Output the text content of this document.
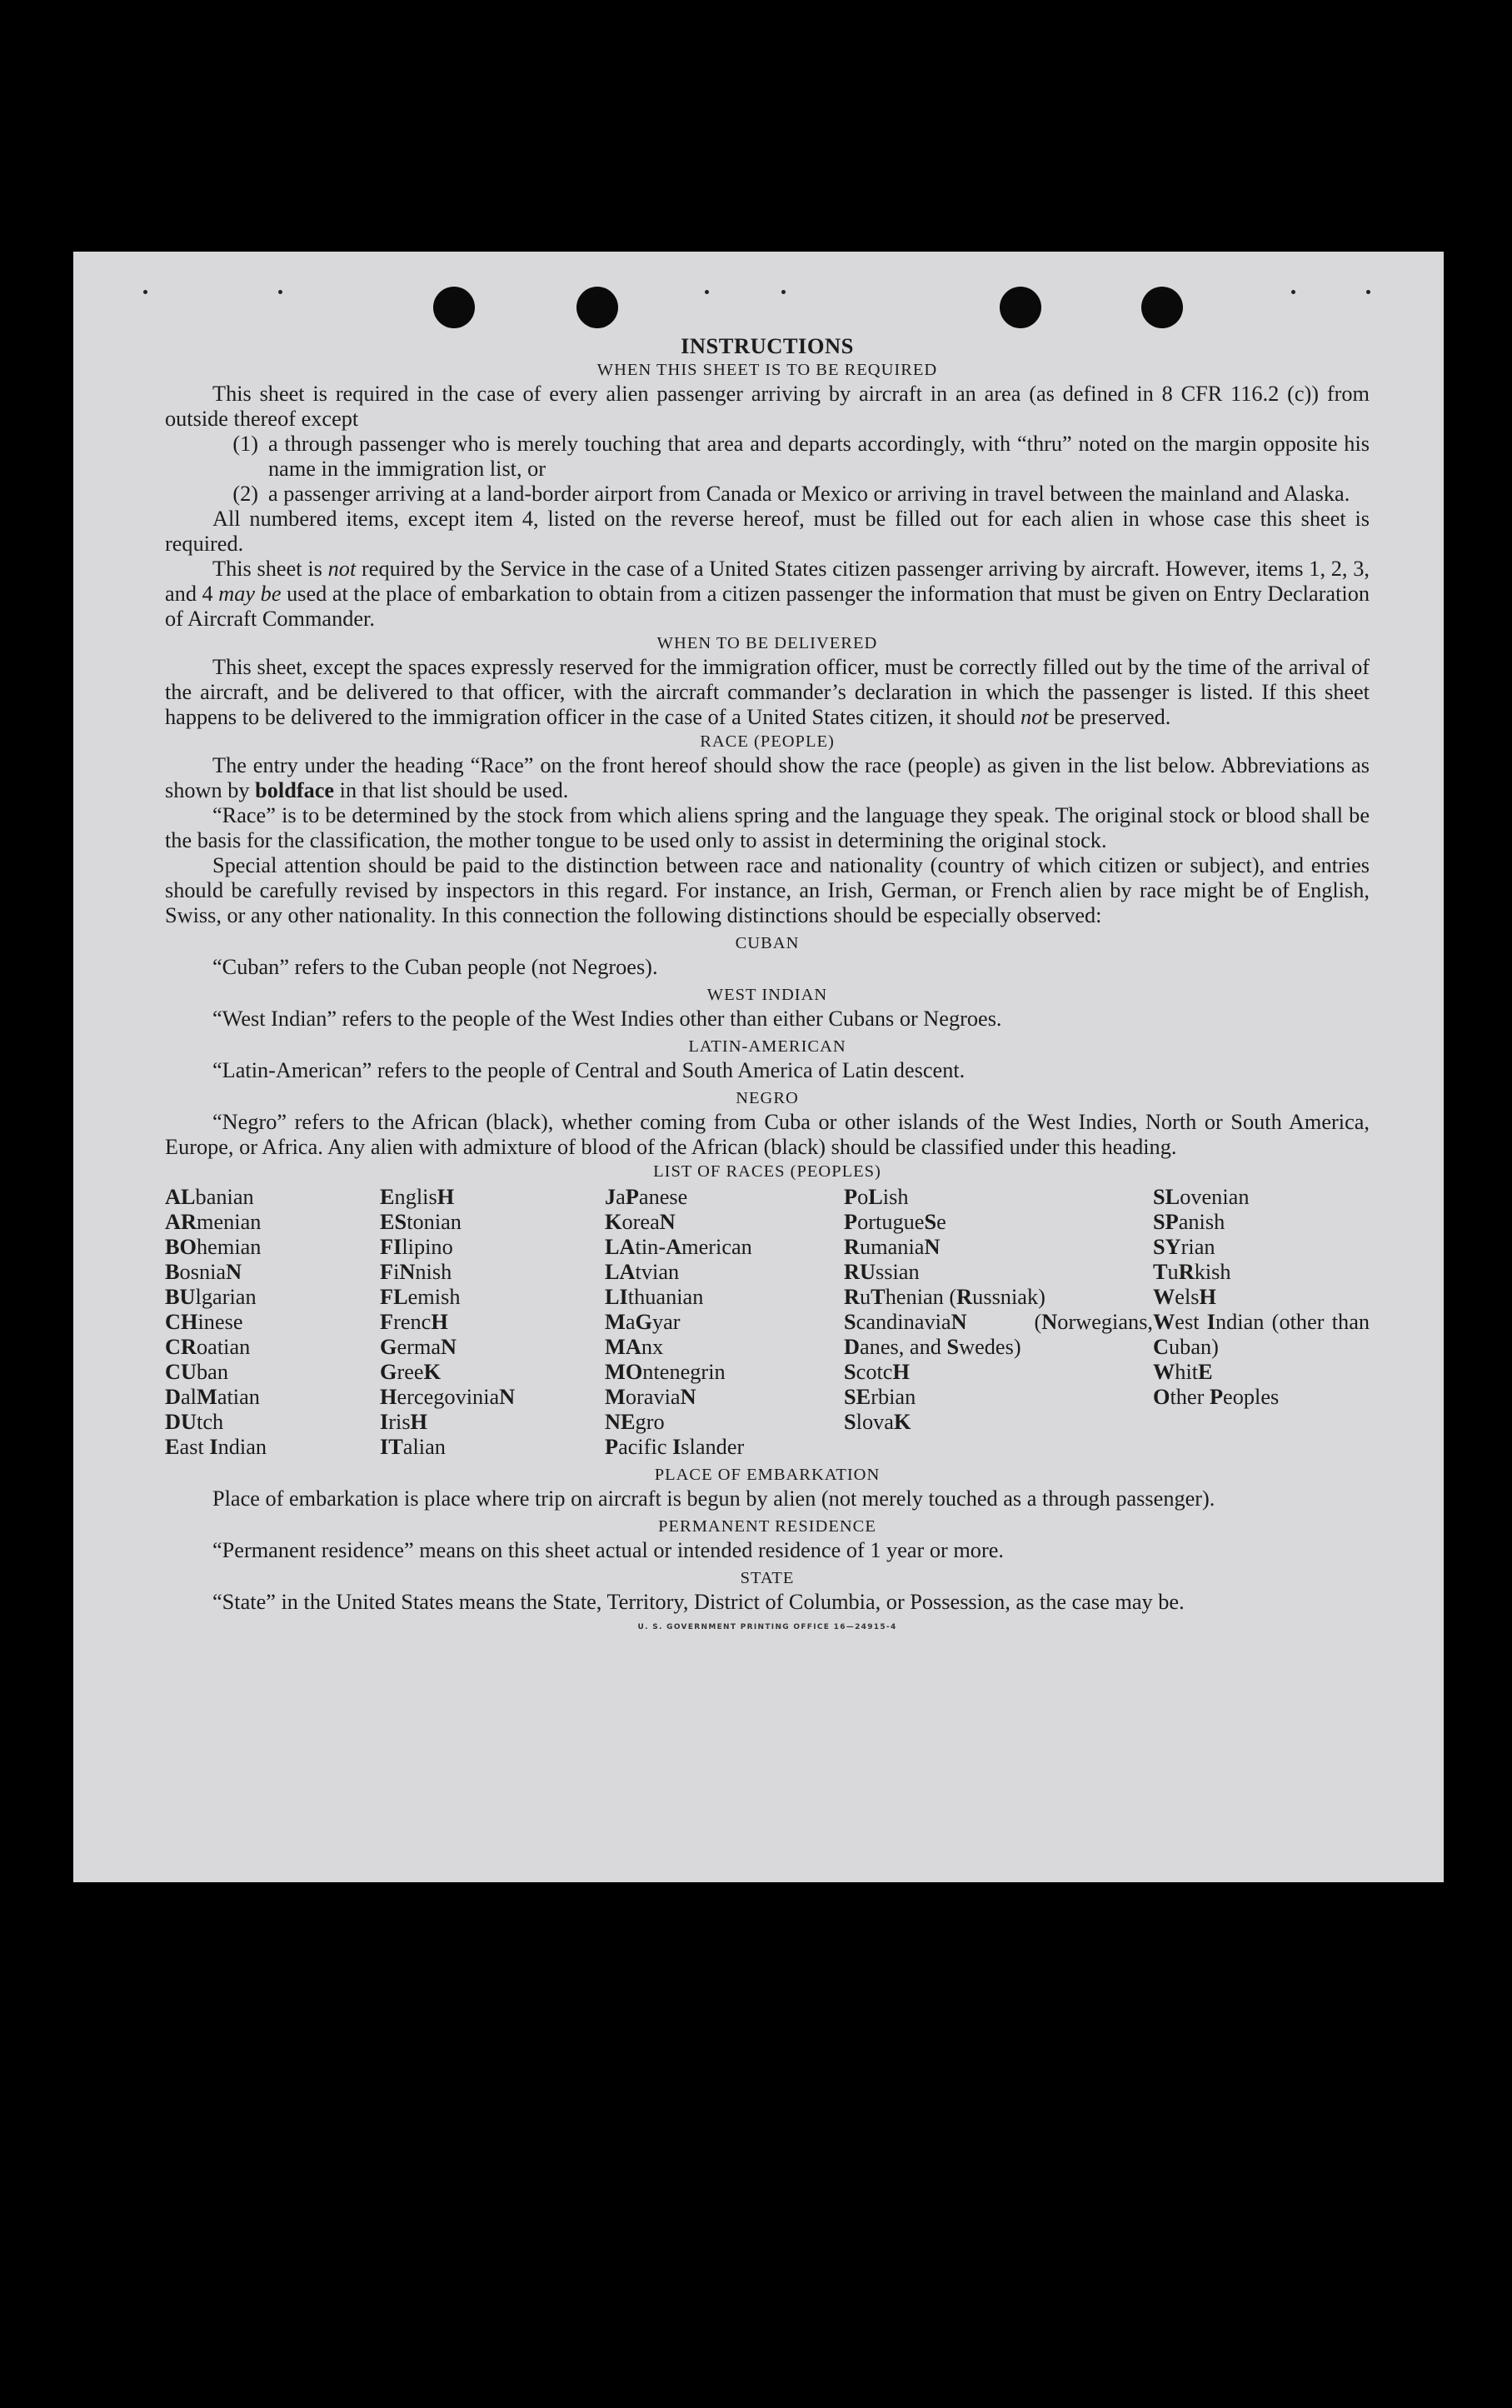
INSTRUCTIONS

WHEN THIS SHEET IS TO BE REQUIRED

This sheet is required in the case of every alien passenger arriving by aircraft in an area (as defined in 8 CFR 116.2 (c)) from outside thereof except

(1) a through passenger who is merely touching that area and departs accordingly, with “thru” noted on the margin opposite his name in the immigration list, or
(2) a passenger arriving at a land-border airport from Canada or Mexico or arriving in travel between the mainland and Alaska.

All numbered items, except item 4, listed on the reverse hereof, must be filled out for each alien in whose case this sheet is required.

This sheet is not required by the Service in the case of a United States citizen passenger arriving by aircraft. However, items 1, 2, 3, and 4 may be used at the place of embarkation to obtain from a citizen passenger the information that must be given on Entry Declaration of Aircraft Commander.

WHEN TO BE DELIVERED

This sheet, except the spaces expressly reserved for the immigration officer, must be correctly filled out by the time of the arrival of the aircraft, and be delivered to that officer, with the aircraft commander’s declaration in which the passenger is listed. If this sheet happens to be delivered to the immigration officer in the case of a United States citizen, it should not be preserved.

RACE (PEOPLE)

The entry under the heading “Race” on the front hereof should show the race (people) as given in the list below. Abbreviations as shown by boldface in that list should be used.

“Race” is to be determined by the stock from which aliens spring and the language they speak. The original stock or blood shall be the basis for the classification, the mother tongue to be used only to assist in determining the original stock.

Special attention should be paid to the distinction between race and nationality (country of which citizen or subject), and entries should be carefully revised by inspectors in this regard. For instance, an Irish, German, or French alien by race might be of English, Swiss, or any other nationality. In this connection the following distinctions should be especially observed:

CUBAN

“Cuban” refers to the Cuban people (not Negroes).

WEST INDIAN

“West Indian” refers to the people of the West Indies other than either Cubans or Negroes.

LATIN-AMERICAN

“Latin-American” refers to the people of Central and South America of Latin descent.

NEGRO

“Negro” refers to the African (black), whether coming from Cuba or other islands of the West Indies, North or South America, Europe, or Africa. Any alien with admixture of blood of the African (black) should be classified under this heading.

LIST OF RACES (PEOPLES)

ALbanian
ARmenian
BOhemian
BosniaN
BUlgarian
CHinese
CRoatian
CUban
DalMatian
DUtch
East Indian
EnglisH
EStonian
FIlipino
FiNnish
FLemish
FrencH
GermaN
GreeK
HercegoviniaN
IrisH
ITalian
JaPanese
KoreaN
LAtin-American
LAtvian
LIthuanian
MaGyar
MAnx
MOntenegrin
MoraviaN
NEgro
Pacific Islander
PoLish
PortugueSe
RumaniaN
RUssian
RuThenian (Russniak)
ScandinaviaN	(Norwegians, Danes, and Swedes)
ScotcH
SErbian
SlovaK
SLovenian
SPanish
SYrian
TuRkish
WelsH
West Indian (other than Cuban)
WhitE
Other Peoples

PLACE OF EMBARKATION

Place of embarkation is place where trip on aircraft is begun by alien (not merely touched as a through passenger).

PERMANENT RESIDENCE

“Permanent residence” means on this sheet actual or intended residence of 1 year or more.

STATE

“State” in the United States means the State, Territory, District of Columbia, or Possession, as the case may be.

U. S. GOVERNMENT PRINTING OFFICE 16—24915-4
